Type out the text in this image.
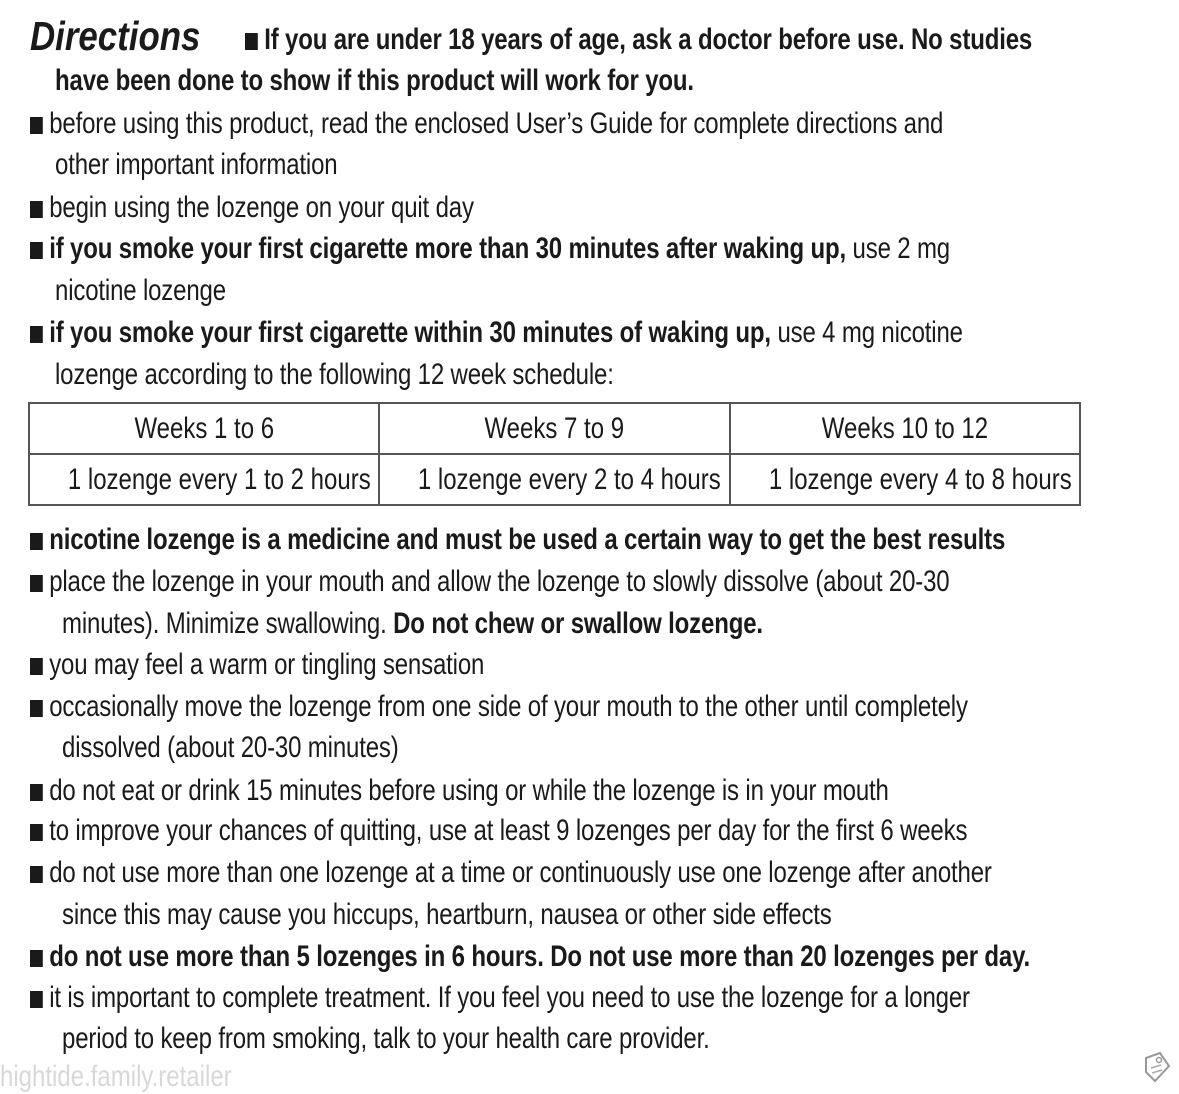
Directions	If you are under 18 years of age, ask a doctor before use. No studies
have been done to show if this product will work for you.
before using this product, read the enclosed User’s Guide for complete directions and
other important information
begin using the lozenge on your quit day
if you smoke your first cigarette more than 30 minutes after waking up, use 2 mg
nicotine lozenge
if you smoke your first cigarette within 30 minutes of waking up, use 4 mg nicotine
lozenge according to the following 12 week schedule:
Weeks 1 to 6	Weeks 7 to 9	Weeks 10 to 12
1 lozenge every 1 to 2 hours	1 lozenge every 2 to 4 hours	1 lozenge every 4 to 8 hours
nicotine lozenge is a medicine and must be used a certain way to get the best results
place the lozenge in your mouth and allow the lozenge to slowly dissolve (about 20-30
minutes). Minimize swallowing. Do not chew or swallow lozenge.
you may feel a warm or tingling sensation
occasionally move the lozenge from one side of your mouth to the other until completely
dissolved (about 20-30 minutes)
do not eat or drink 15 minutes before using or while the lozenge is in your mouth
to improve your chances of quitting, use at least 9 lozenges per day for the first 6 weeks
do not use more than one lozenge at a time or continuously use one lozenge after another
since this may cause you hiccups, heartburn, nausea or other side effects
do not use more than 5 lozenges in 6 hours. Do not use more than 20 lozenges per day.
it is important to complete treatment. If you feel you need to use the lozenge for a longer
period to keep from smoking, talk to your health care provider.
hightide.family.retailer
